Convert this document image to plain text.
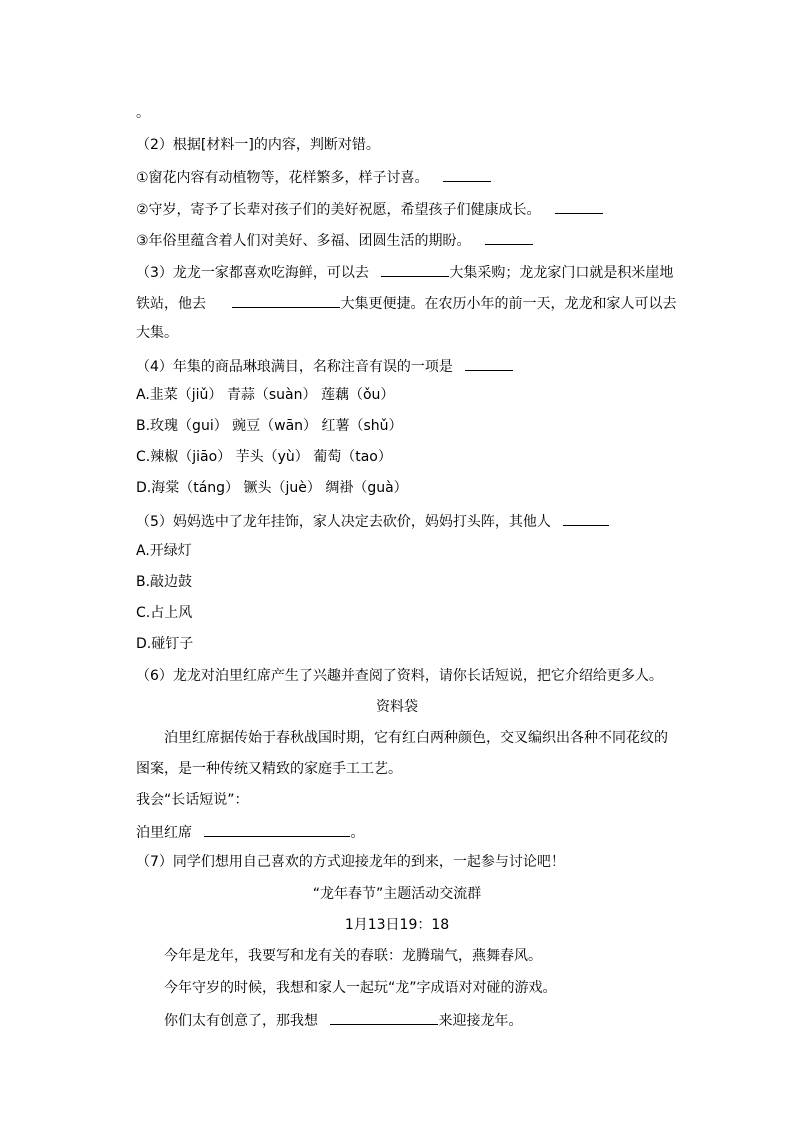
。
（2）根据[材料一]的内容，判断对错。
①窗花内容有动植物等，花样繁多，样子讨喜。
②守岁，寄予了长辈对孩子们的美好祝愿，希望孩子们健康成长。
③年俗里蕴含着人们对美好、多福、团圆生活的期盼。
（3）龙龙一家都喜欢吃海鲜，可以去	大集采购；龙龙家门口就是积米崖地
铁站，他去	大集更便捷。在农历小年的前一天，龙龙和家人可以去
大集。
（4）年集的商品琳琅满目，名称注音有误的一项是
A.韭菜（jiǔ） 青蒜（suàn） 莲藕（ǒu）
B.玫瑰（gui） 豌豆（wān） 红薯（shǔ）
C.辣椒（jiāo） 芋头（yù） 葡萄（tao）
D.海棠（táng） 镢头（juè） 绸褂（guà）
（5）妈妈选中了龙年挂饰，家人决定去砍价，妈妈打头阵，其他人
A.开绿灯
B.敲边鼓
C.占上风
D.碰钉子
（6）龙龙对泊里红席产生了兴趣并查阅了资料，请你长话短说，把它介绍给更多人。
资料袋
泊里红席据传始于春秋战国时期，它有红白两种颜色，交叉编织出各种不同花纹的
图案，是一种传统又精致的家庭手工工艺。
我会“长话短说”：
泊里红席	。
（7）同学们想用自己喜欢的方式迎接龙年的到来，一起参与讨论吧！
“龙年春节”主题活动交流群
1月13日19：18
今年是龙年，我要写和龙有关的春联：龙腾瑞气，燕舞春风。
今年守岁的时候，我想和家人一起玩“龙”字成语对对碰的游戏。
你们太有创意了，那我想	来迎接龙年。
